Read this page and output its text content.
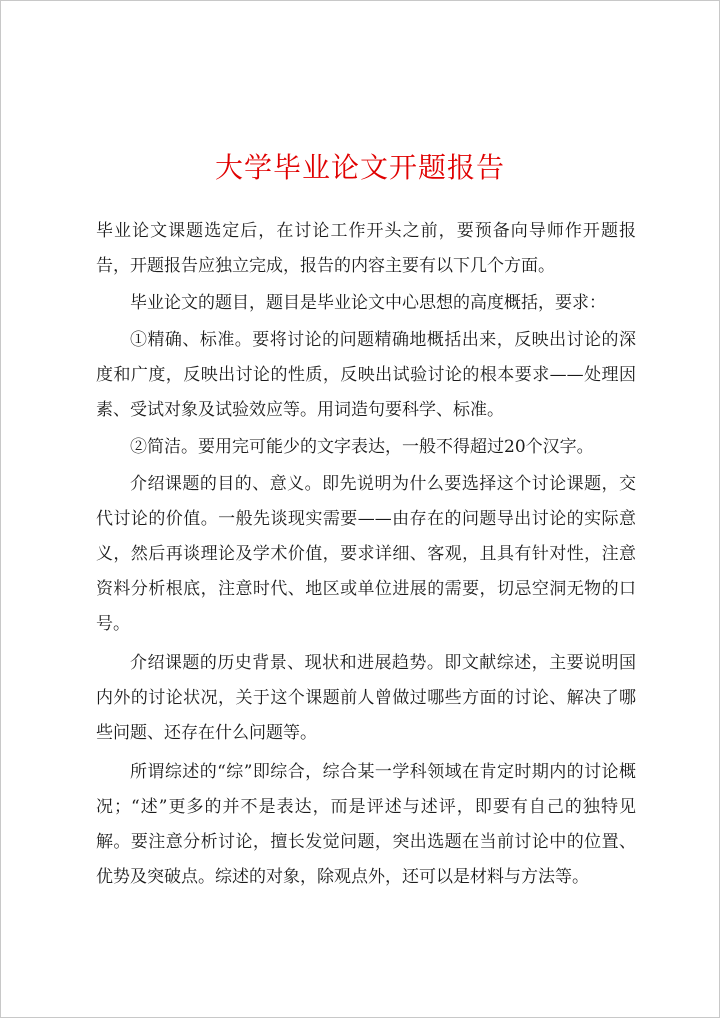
大学毕业论文开题报告

毕业论文课题选定后，在讨论工作开头之前，要预备向导师作开题报告，开题报告应独立完成，报告的内容主要有以下几个方面。

毕业论文的题目，题目是毕业论文中心思想的高度概括，要求：

①精确、标准。要将讨论的问题精确地概括出来，反映出讨论的深度和广度，反映出讨论的性质，反映出试验讨论的根本要求——处理因素、受试对象及试验效应等。用词造句要科学、标准。

②简洁。要用完可能少的文字表达，一般不得超过20个汉字。

介绍课题的目的、意义。即先说明为什么要选择这个讨论课题，交代讨论的价值。一般先谈现实需要——由存在的问题导出讨论的实际意义，然后再谈理论及学术价值，要求详细、客观，且具有针对性，注意资料分析根底，注意时代、地区或单位进展的需要，切忌空洞无物的口号。

介绍课题的历史背景、现状和进展趋势。即文献综述，主要说明国内外的讨论状况，关于这个课题前人曾做过哪些方面的讨论、解决了哪些问题、还存在什么问题等。

所谓综述的“综”即综合，综合某一学科领域在肯定时期内的讨论概况；“述”更多的并不是表达，而是评述与述评，即要有自己的独特见解。要注意分析讨论，擅长发觉问题，突出选题在当前讨论中的位置、优势及突破点。综述的对象，除观点外，还可以是材料与方法等。
